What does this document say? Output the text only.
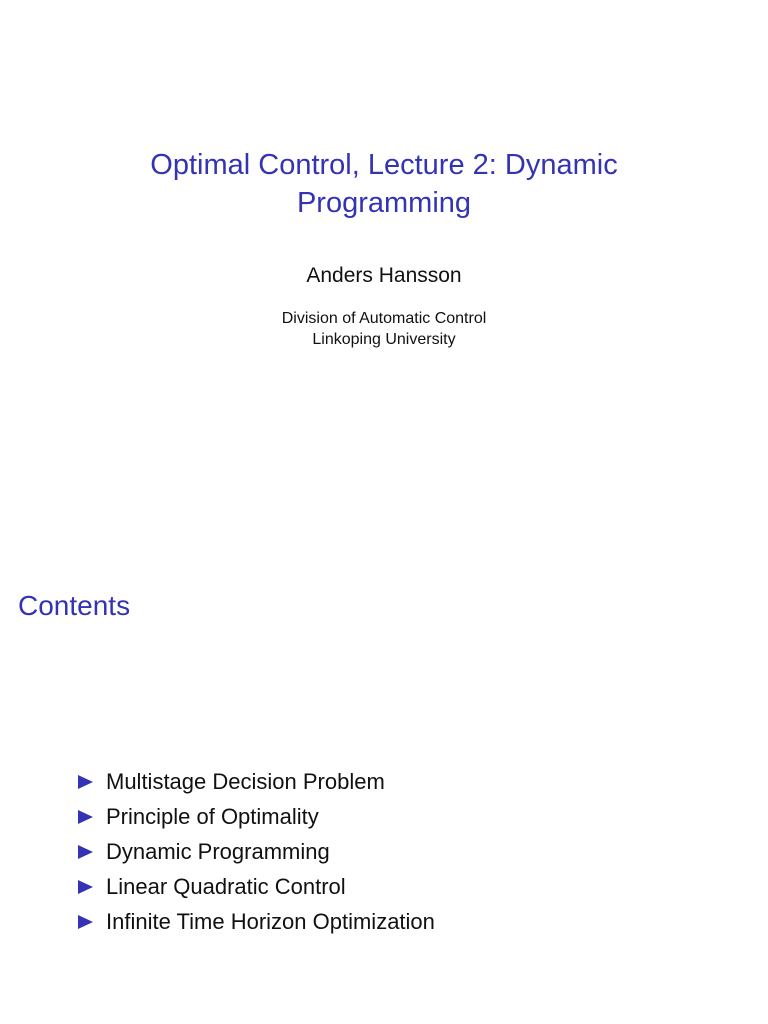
Optimal Control, Lecture 2: Dynamic
Programming
Anders Hansson
Division of Automatic Control
Linkoping University
Contents
Multistage Decision Problem
Principle of Optimality
Dynamic Programming
Linear Quadratic Control
Infinite Time Horizon Optimization
